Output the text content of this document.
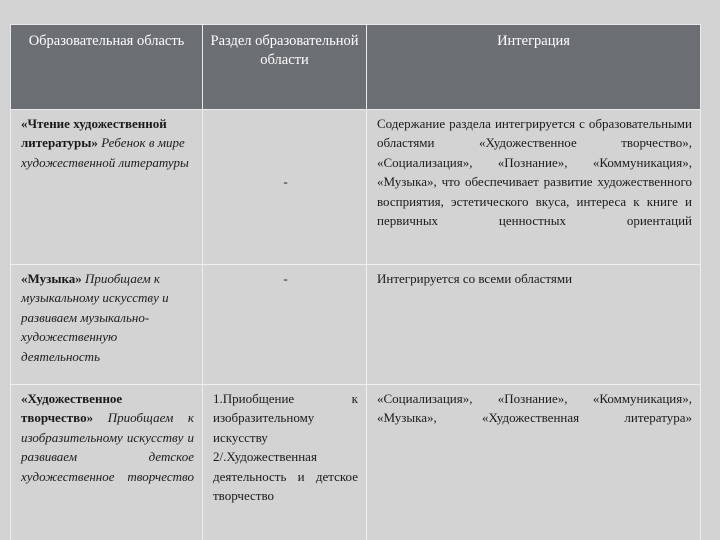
Образовательная область	Раздел образовательной области	Интеграция
«Чтение художественной литературы» Ребенок в мире художественной литературы	-	Содержание раздела интегрируется с образовательными областями «Художественное творчество», «Социализация», «Познание», «Коммуникация», «Музыка», что обеспечивает развитие художественного восприятия, эстетического вкуса, интереса к книге и первичных ценностных ориентаций
«Музыка» Приобщаем к музыкальному искусству и развиваем музыкально-художественную деятельность	-	Интегрируется со всеми областями
«Художественное творчество» Приобщаем к изобразительному искусству и развиваем детское художественное творчество	1.Приобщение к изобразительному искусству 2/.Художественная деятельность и детское творчество	«Социализация», «Познание», «Коммуникация», «Музыка», «Художественная литература»
